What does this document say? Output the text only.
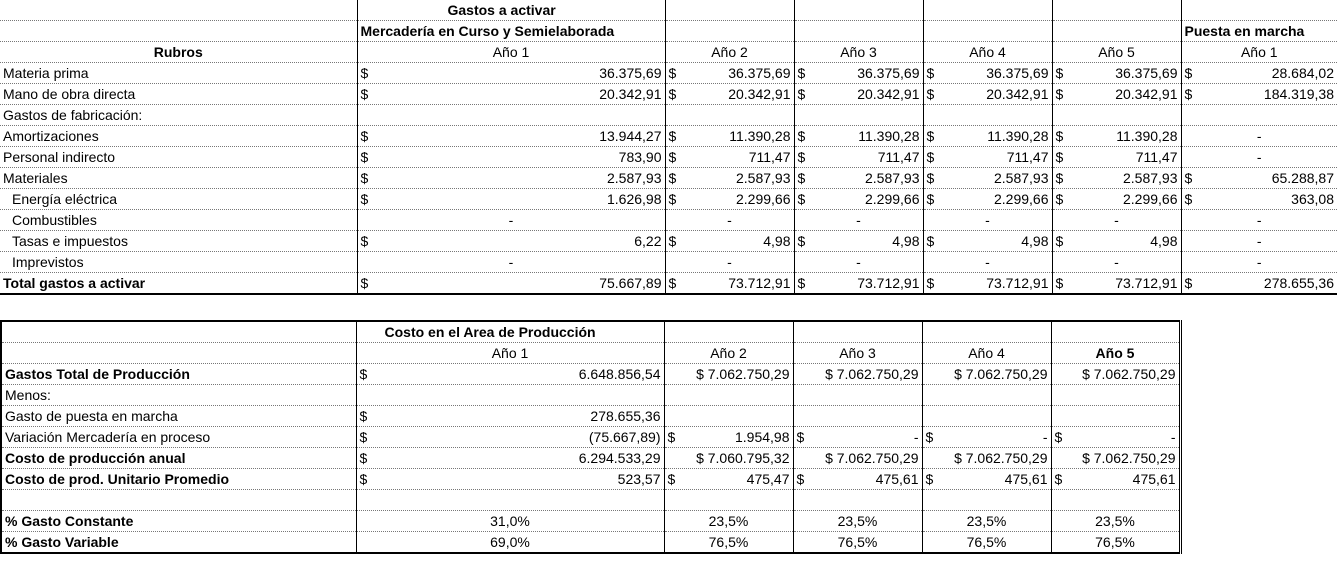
	Gastos a activar					
	Mercadería en Curso y Semielaborada					Puesta en marcha
Rubros	Año 1	Año 2	Año 3	Año 4	Año 5	Año 1
Materia prima	$ 36.375,69	$ 36.375,69	$ 36.375,69	$ 36.375,69	$ 36.375,69	$ 28.684,02

Mano de obra directa	$ 20.342,91	$ 20.342,91	$ 20.342,91	$ 20.342,91	$ 20.342,91	$ 184.319,38

Gastos de fabricación:	

Amortizaciones	$ 13.944,27	$ 11.390,28	$ 11.390,28	$ 11.390,28	$ 11.390,28	-
Personal indirecto	$ 783,90	$ 711,47	$ 711,47	$ 711,47	$ 711,47	-
Materiales	$ 2.587,93	$ 2.587,93	$ 2.587,93	$ 2.587,93	$ 2.587,93	$ 65.288,87

Energía eléctrica	$ 1.626,98	$ 2.299,66	$ 2.299,66	$ 2.299,66	$ 2.299,66	$ 363,08

Combustibles	-	-	-	-	-	-
Tasas e impuestos	$ 6,22	$ 4,98	$ 4,98	$ 4,98	$ 4,98	-
Imprevistos	-	-	-	-	-	-
Total gastos a activar	$ 75.667,89	$ 73.712,91	$ 73.712,91	$ 73.712,91	$ 73.712,91	$ 278.655,36
	Costo en el Area de Producción				
	Año 1	Año 2	Año 3	Año 4	Año 5
Gastos Total de Producción	$ 6.648.856,54	$ 7.062.750,29	$ 7.062.750,29	$ 7.062.750,29	$ 7.062.750,29
Menos:	

Gasto de puesta en marcha	$ 278.655,36				

Variación Mercadería en proceso	$ (75.667,89)	$ 1.954,98	$ -	$ -	$ -

Costo de producción anual	$ 6.294.533,29	$ 7.060.795,32	$ 7.062.750,29	$ 7.062.750,29	$ 7.062.750,29
Costo de prod. Unitario Promedio	$ 523,57	$ 475,47	$ 475,61	$ 475,61	$ 475,61

% Gasto Constante	31,0%	23,5%	23,5%	23,5%	23,5%
% Gasto Variable	69,0%	76,5%	76,5%	76,5%	76,5%
